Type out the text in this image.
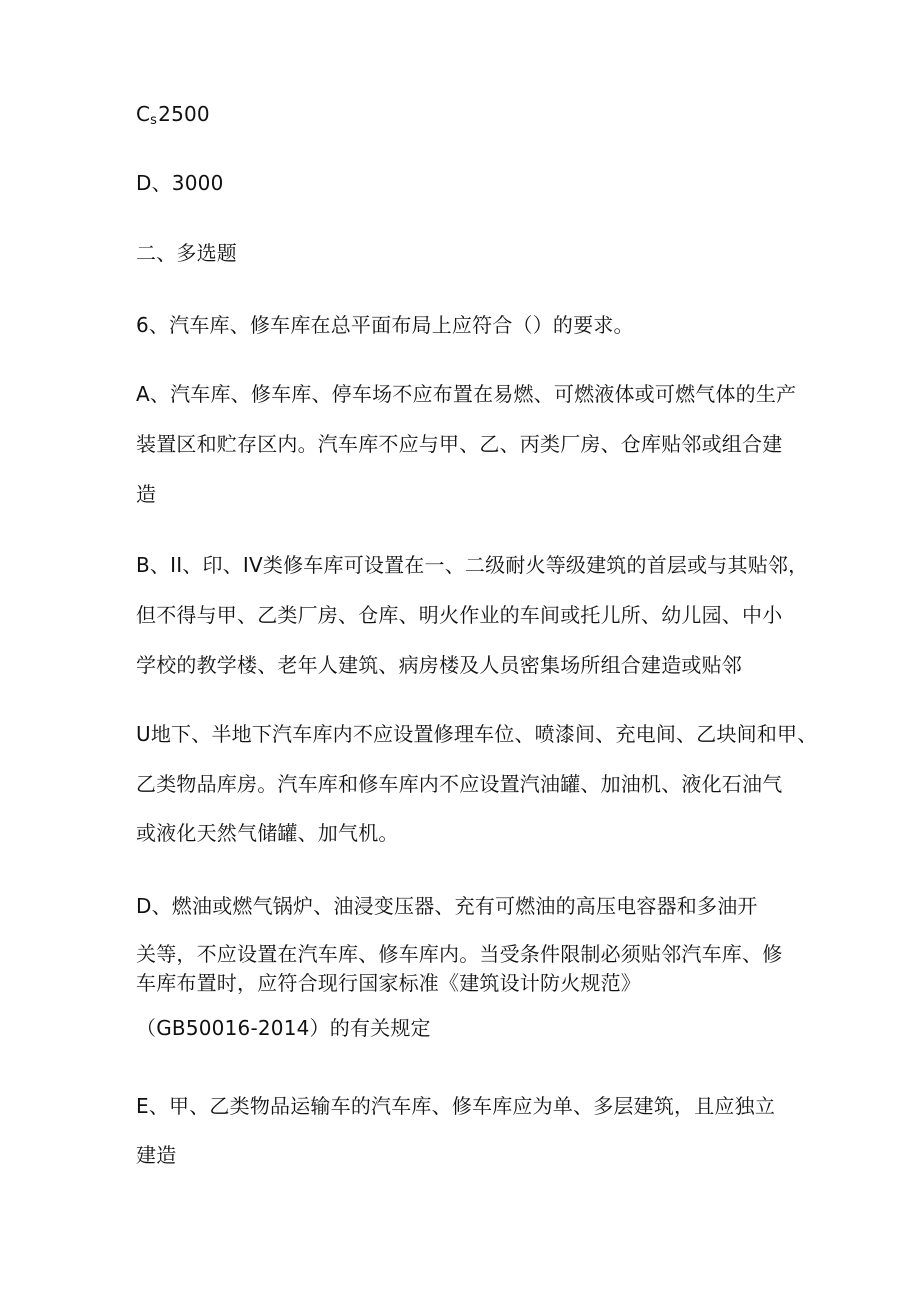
Cs2500
D、3000
二、多选题
6、汽车库、修车库在总平面布局上应符合（）的要求。
A、汽车库、修车库、停车场不应布置在易燃、可燃液体或可燃气体的生产
装置区和贮存区内。汽车库不应与甲、乙、丙类厂房、仓库贴邻或组合建
造
B、II、印、IV类修车库可设置在一、二级耐火等级建筑的首层或与其贴邻，
但不得与甲、乙类厂房、仓库、明火作业的车间或托儿所、幼儿园、中小
学校的教学楼、老年人建筑、病房楼及人员密集场所组合建造或贴邻
U地下、半地下汽车库内不应设置修理车位、喷漆间、充电间、乙块间和甲、
乙类物品库房。汽车库和修车库内不应设置汽油罐、加油机、液化石油气
或液化天然气储罐、加气机。
D、燃油或燃气锅炉、油浸变压器、充有可燃油的高压电容器和多油开
关等，不应设置在汽车库、修车库内。当受条件限制必须贴邻汽车库、修
车库布置时，应符合现行国家标准《建筑设计防火规范》
（GB50016-2014）的有关规定
E、甲、乙类物品运输车的汽车库、修车库应为单、多层建筑，且应独立
建造
